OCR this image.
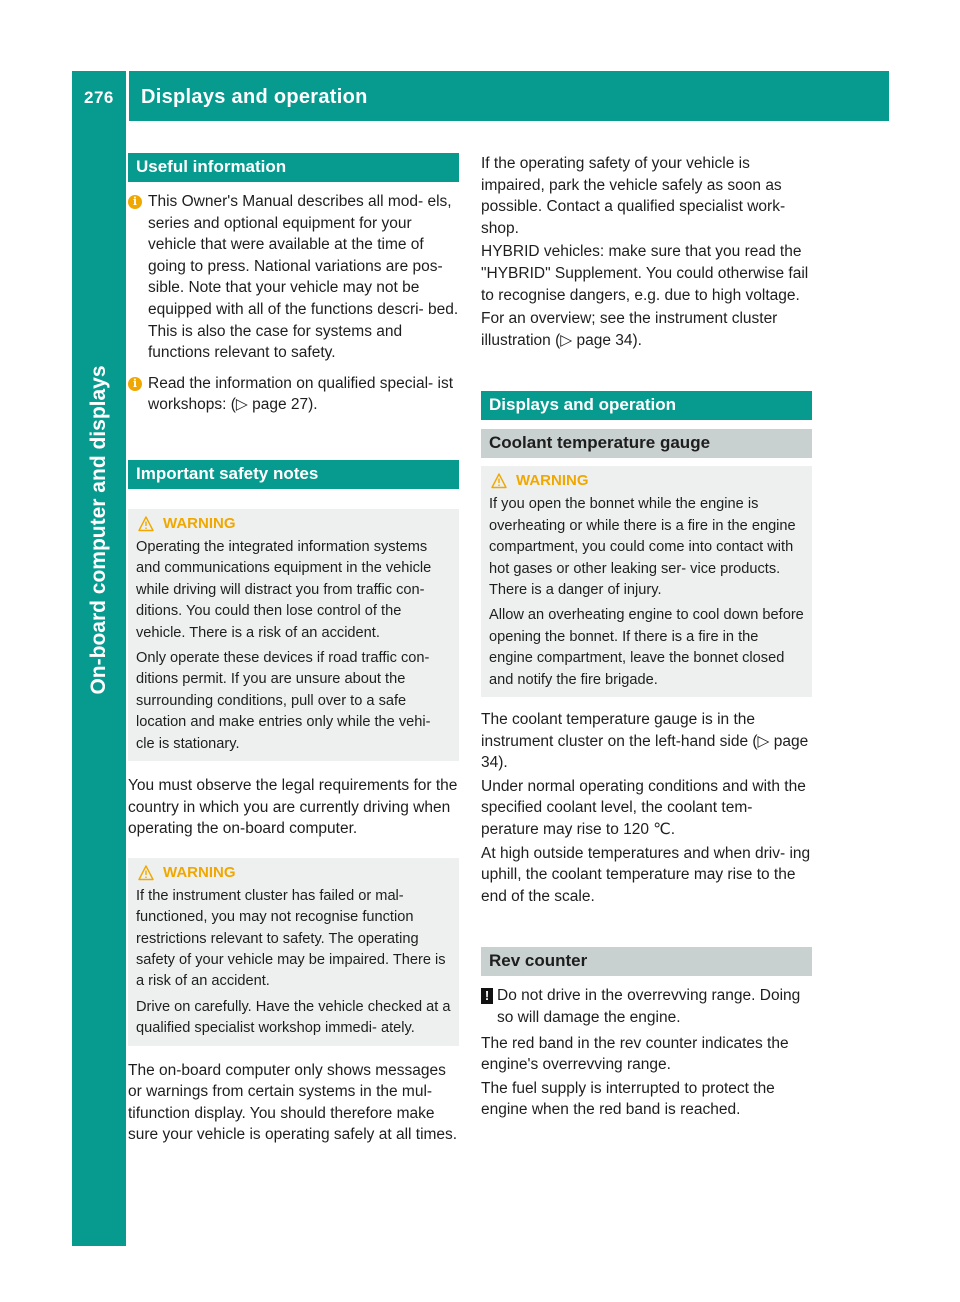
276 Displays and operation
On-board computer and displays
Useful information
i This Owner's Manual describes all mod- els, series and optional equipment for your vehicle that were available at the time of going to press. National variations are pos- sible. Note that your vehicle may not be equipped with all of the functions descri- bed. This is also the case for systems and functions relevant to safety.
i Read the information on qualified special- ist workshops: (▷ page 27).
Important safety notes
WARNING

Operating the integrated information systems and communications equipment in the vehicle while driving will distract you from traffic con- ditions. You could then lose control of the vehicle. There is a risk of an accident.

Only operate these devices if road traffic con- ditions permit. If you are unsure about the surrounding conditions, pull over to a safe location and make entries only while the vehi- cle is stationary.

You must observe the legal requirements for the country in which you are currently driving when operating the on-board computer.

WARNING

If the instrument cluster has failed or mal- functioned, you may not recognise function restrictions relevant to safety. The operating safety of your vehicle may be impaired. There is a risk of an accident.

Drive on carefully. Have the vehicle checked at a qualified specialist workshop immedi- ately.

The on-board computer only shows messages or warnings from certain systems in the mul- tifunction display. You should therefore make sure your vehicle is operating safely at all times.

If the operating safety of your vehicle is impaired, park the vehicle safely as soon as possible. Contact a qualified specialist work- shop.

HYBRID vehicles: make sure that you read the "HYBRID" Supplement. You could otherwise fail to recognise dangers, e.g. due to high voltage.

For an overview; see the instrument cluster illustration (▷ page 34).

Displays and operation
Coolant temperature gauge
WARNING

If you open the bonnet while the engine is overheating or while there is a fire in the engine compartment, you could come into contact with hot gases or other leaking ser- vice products. There is a danger of injury.

Allow an overheating engine to cool down before opening the bonnet. If there is a fire in the engine compartment, leave the bonnet closed and notify the fire brigade.

The coolant temperature gauge is in the instrument cluster on the left-hand side (▷ page 34).

Under normal operating conditions and with the specified coolant level, the coolant tem- perature may rise to 120 ℃.

At high outside temperatures and when driv- ing uphill, the coolant temperature may rise to the end of the scale.

Rev counter
! Do not drive in the overrevving range. Doing so will damage the engine.

The red band in the rev counter indicates the engine's overrevving range.

The fuel supply is interrupted to protect the engine when the red band is reached.
